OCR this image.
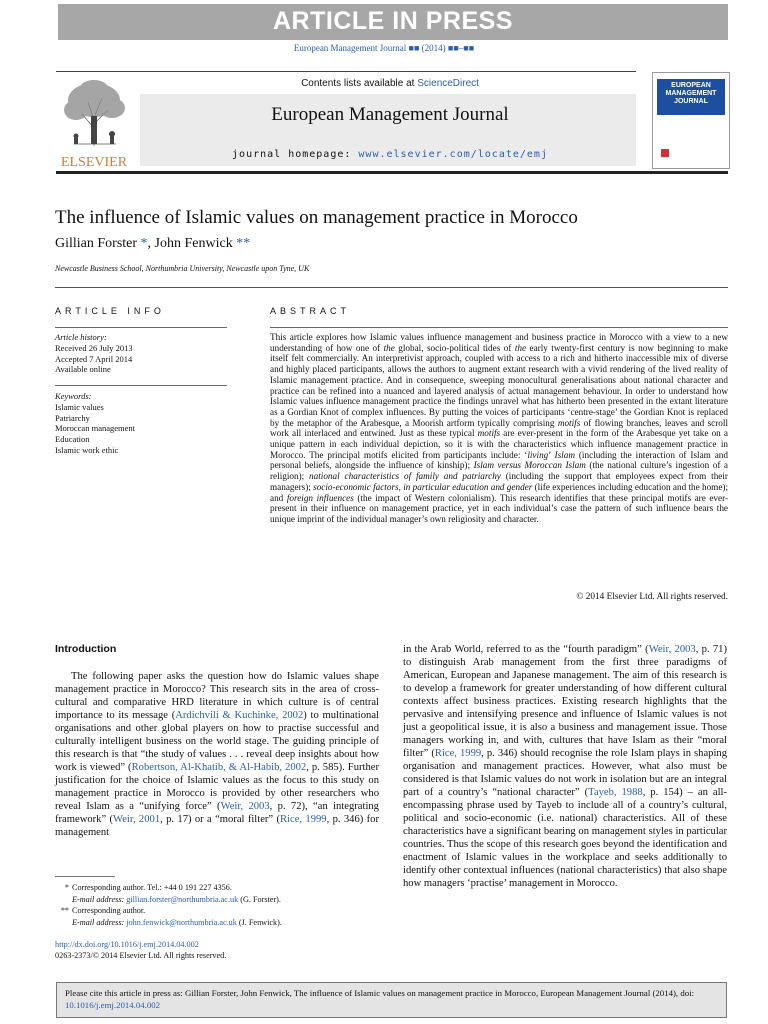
ARTICLE IN PRESS
European Management Journal ■■ (2014) ■■–■■
ELSEVIER
Contents lists available at ScienceDirect
European Management Journal
journal homepage: www.elsevier.com/locate/emj
EUROPEAN MANAGEMENT JOURNAL
The influence of Islamic values on management practice in Morocco
Gillian Forster *, John Fenwick **
Newcastle Business School, Northumbria University, Newcastle upon Tyne, UK
ARTICLE INFO	ABSTRACT
Article history:
Received 26 July 2013
Accepted 7 April 2014
Available online
Keywords:
Islamic values
Patriarchy
Moroccan management
Education
Islamic work ethic
This article explores how Islamic values influence management and business practice in Morocco with a view to a new understanding of how one of the global, socio-political tides of the early twenty-first century is now beginning to make itself felt commercially. An interpretivist approach, coupled with access to a rich and hitherto inaccessible mix of diverse and highly placed participants, allows the authors to augment extant research with a vivid rendering of the lived reality of Islamic management practice. And in consequence, sweeping monocultural generalisations about national character and practice can be refined into a nuanced and layered analysis of actual management behaviour. In order to understand how Islamic values influence management practice the findings unravel what has hitherto been presented in the extant literature as a Gordian Knot of complex influences. By putting the voices of participants ‘centre-stage’ the Gordian Knot is replaced by the metaphor of the Arabesque, a Moorish artform typically comprising motifs of flowing branches, leaves and scroll work all interlaced and entwined. Just as these typical motifs are ever-present in the form of the Arabesque yet take on a unique pattern in each individual depiction, so it is with the characteristics which influence management practice in Morocco. The principal motifs elicited from participants include: ‘living’ Islam (including the interaction of Islam and personal beliefs, alongside the influence of kinship); Islam versus Moroccan Islam (the national culture’s ingestion of a religion); national characteristics of family and patriarchy (including the support that employees expect from their managers); socio-economic factors, in particular education and gender (life experiences including education and the home); and foreign influences (the impact of Western colonialism). This research identifies that these principal motifs are ever-present in their influence on management practice, yet in each individual’s case the pattern of such influence bears the unique imprint of the individual manager’s own religiosity and character.
© 2014 Elsevier Ltd. All rights reserved.
Introduction
The following paper asks the question how do Islamic values shape management practice in Morocco? This research sits in the area of cross-cultural and comparative HRD literature in which culture is of central importance to its message (Ardichvili & Kuchinke, 2002) to multinational organisations and other global players on how to practise successful and culturally intelligent business on the world stage. The guiding principle of this research is that “the study of values . . . reveal deep insights about how work is viewed” (Robertson, Al-Khatib, & Al-Habib, 2002, p. 585). Further justification for the choice of Islamic values as the focus to this study on management practice in Morocco is provided by other researchers who reveal Islam as a “unifying force” (Weir, 2003, p. 72), “an integrating framework” (Weir, 2001, p. 17) or a “moral filter” (Rice, 1999, p. 346) for management
in the Arab World, referred to as the “fourth paradigm” (Weir, 2003, p. 71) to distinguish Arab management from the first three paradigms of American, European and Japanese management. The aim of this research is to develop a framework for greater understanding of how different cultural contexts affect business practices. Existing research highlights that the pervasive and intensifying presence and influence of Islamic values is not just a geopolitical issue, it is also a business and management issue. Those managers working in, and with, cultures that have Islam as their “moral filter” (Rice, 1999, p. 346) should recognise the role Islam plays in shaping organisation and management practices. However, what also must be considered is that Islamic values do not work in isolation but are an integral part of a country’s “national character” (Tayeb, 1988, p. 154) – an all-encompassing phrase used by Tayeb to include all of a country’s cultural, political and socio-economic (i.e. national) characteristics. All of these characteristics have a significant bearing on management styles in particular countries. Thus the scope of this research goes beyond the identification and enactment of Islamic values in the workplace and seeks additionally to identify other contextual influences (national characteristics) that also shape how managers ‘practise’ management in Morocco.
* Corresponding author. Tel.: +44 0 191 227 4356.
E-mail address: gillian.forster@northumbria.ac.uk (G. Forster).
** Corresponding author.
E-mail address: john.fenwick@northumbria.ac.uk (J. Fenwick).
http://dx.doi.org/10.1016/j.emj.2014.04.002
0263-2373/© 2014 Elsevier Ltd. All rights reserved.
Please cite this article in press as: Gillian Forster, John Fenwick, The influence of Islamic values on management practice in Morocco, European Management Journal (2014), doi: 10.1016/j.emj.2014.04.002
